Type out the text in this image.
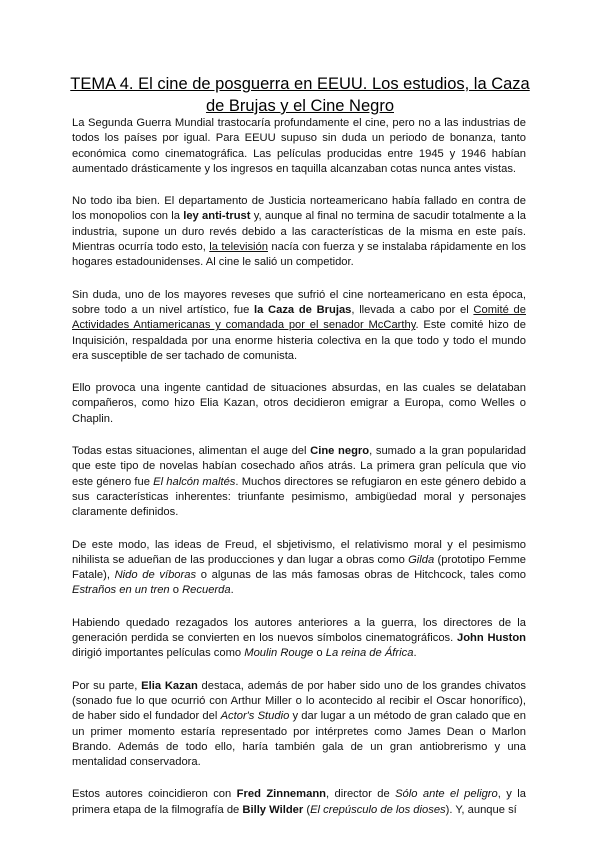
TEMA 4. El cine de posguerra en EEUU. Los estudios, la Caza de Brujas y el Cine Negro

La Segunda Guerra Mundial trastocaría profundamente el cine, pero no a las industrias de todos los países por igual. Para EEUU supuso sin duda un periodo de bonanza, tanto económica como cinematográfica. Las películas producidas entre 1945 y 1946 habían aumentado drásticamente y los ingresos en taquilla alcanzaban cotas nunca antes vistas.

No todo iba bien. El departamento de Justicia norteamericano había fallado en contra de los monopolios con la ley anti-trust y, aunque al final no termina de sacudir totalmente a la industria, supone un duro revés debido a las características de la misma en este país. Mientras ocurría todo esto, la televisión nacía con fuerza y se instalaba rápidamente en los hogares estadounidenses. Al cine le salió un competidor.

Sin duda, uno de los mayores reveses que sufrió el cine norteamericano en esta época, sobre todo a un nivel artístico, fue la Caza de Brujas, llevada a cabo por el Comité de Actividades Antiamericanas y comandada por el senador McCarthy. Este comité hizo de Inquisición, respaldada por una enorme histeria colectiva en la que todo y todo el mundo era susceptible de ser tachado de comunista.

Ello provoca una ingente cantidad de situaciones absurdas, en las cuales se delataban compañeros, como hizo Elia Kazan, otros decidieron emigrar a Europa, como Welles o Chaplin.

Todas estas situaciones, alimentan el auge del Cine negro, sumado a la gran popularidad que este tipo de novelas habían cosechado años atrás. La primera gran película que vio este género fue El halcón maltés. Muchos directores se refugiaron en este género debido a sus características inherentes: triunfante pesimismo, ambigüedad moral y personajes claramente definidos.

De este modo, las ideas de Freud, el sbjetivismo, el relativismo moral y el pesimismo nihilista se adueñan de las producciones y dan lugar a obras como Gilda (prototipo Femme Fatale), Nido de víboras o algunas de las más famosas obras de Hitchcock, tales como Estraños en un tren o Recuerda.

Habiendo quedado rezagados los autores anteriores a la guerra, los directores de la generación perdida se convierten en los nuevos símbolos cinematográficos. John Huston dirigió importantes películas como Moulin Rouge o La reina de África.

Por su parte, Elia Kazan destaca, además de por haber sido uno de los grandes chivatos (sonado fue lo que ocurrió con Arthur Miller o lo acontecido al recibir el Oscar honorífico), de haber sido el fundador del Actor's Studio y dar lugar a un método de gran calado que en un primer momento estaría representado por intérpretes como James Dean o Marlon Brando. Además de todo ello, haría también gala de un gran antiobrerismo y una mentalidad conservadora.

Estos autores coincidieron con Fred Zinnemann, director de Sólo ante el peligro, y la primera etapa de la filmografía de Billy Wilder (El crepúsculo de los dioses). Y, aunque sí
